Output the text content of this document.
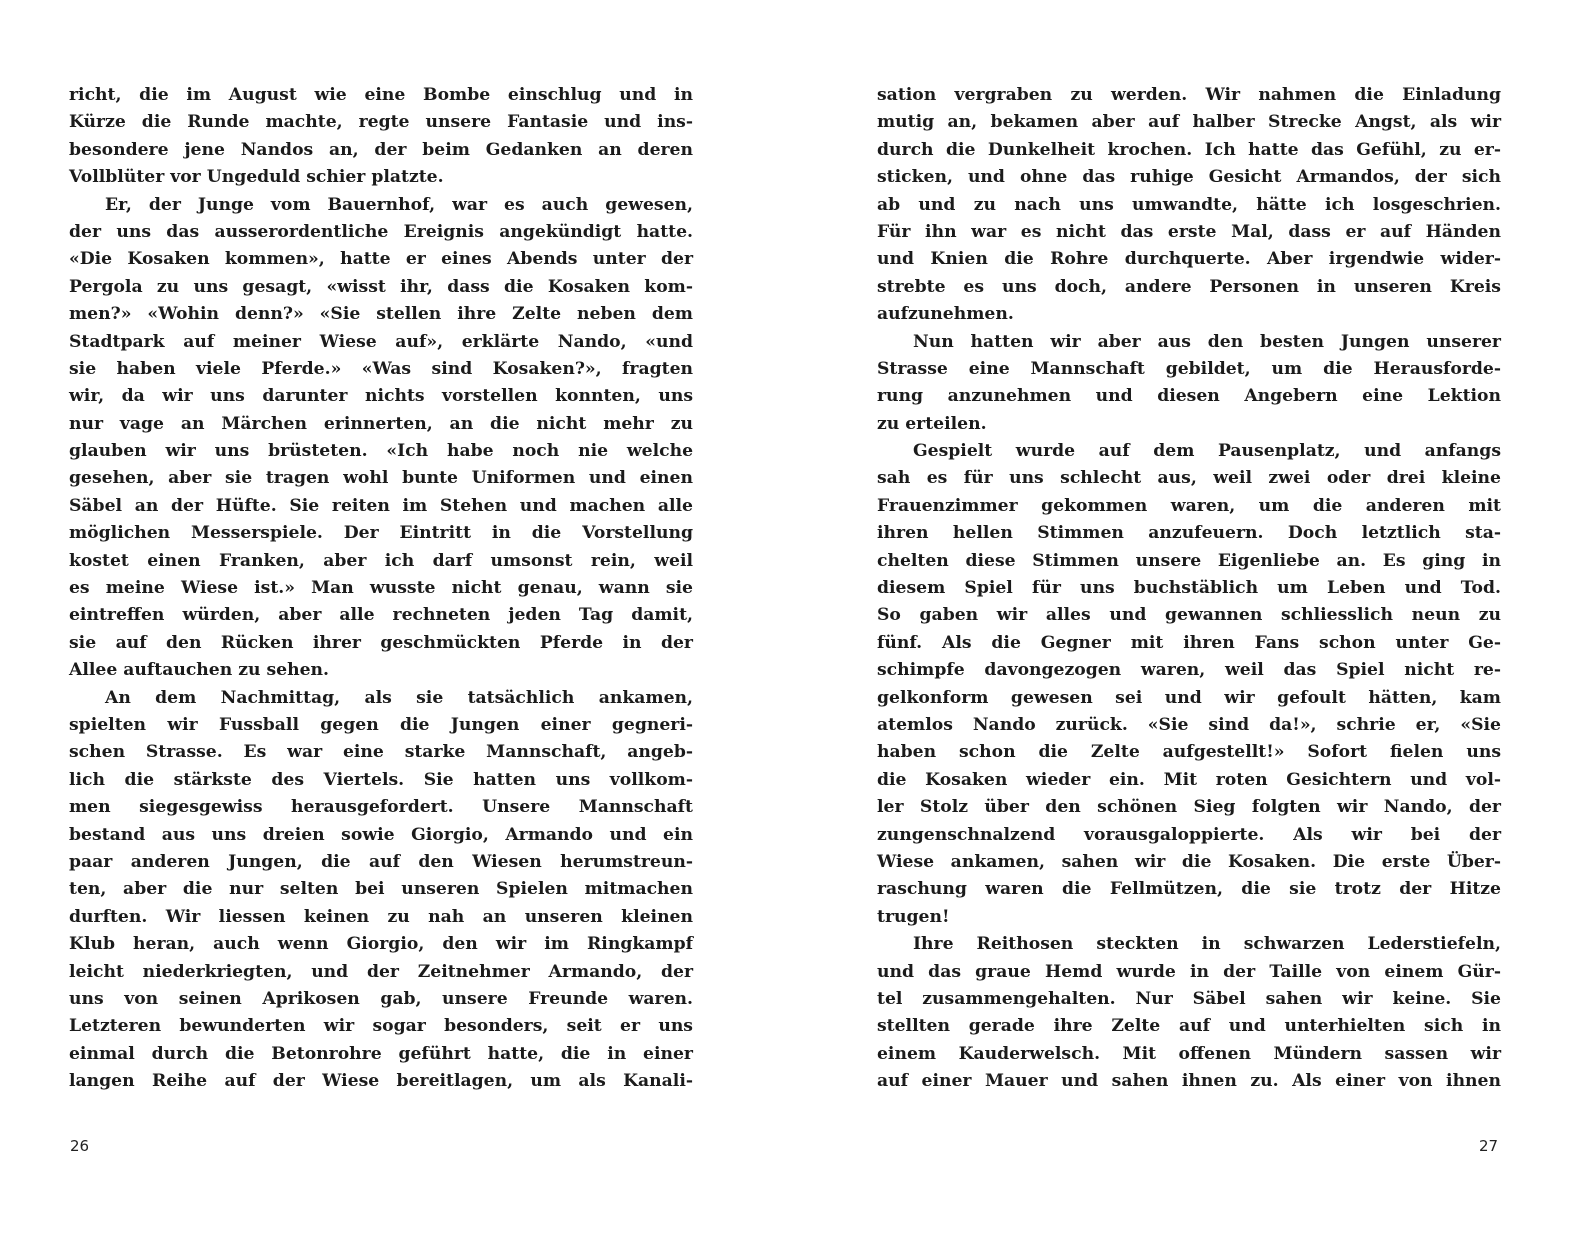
richt, die im August wie eine Bombe einschlug und in
Kürze die Runde machte, regte unsere Fantasie und ins-
besondere jene Nandos an, der beim Gedanken an deren
Vollblüter vor Ungeduld schier platzte.
Er, der Junge vom Bauernhof, war es auch gewesen,
der uns das ausserordentliche Ereignis angekündigt hatte.
«Die Kosaken kommen», hatte er eines Abends unter der
Pergola zu uns gesagt, «wisst ihr, dass die Kosaken kom-
men?» «Wohin denn?» «Sie stellen ihre Zelte neben dem
Stadtpark auf meiner Wiese auf», erklärte Nando, «und
sie haben viele Pferde.» «Was sind Kosaken?», fragten
wir, da wir uns darunter nichts vorstellen konnten, uns
nur vage an Märchen erinnerten, an die nicht mehr zu
glauben wir uns brüsteten. «Ich habe noch nie welche
gesehen, aber sie tragen wohl bunte Uniformen und einen
Säbel an der Hüfte. Sie reiten im Stehen und machen alle
möglichen Messerspiele. Der Eintritt in die Vorstellung
kostet einen Franken, aber ich darf umsonst rein, weil
es meine Wiese ist.» Man wusste nicht genau, wann sie
eintreffen würden, aber alle rechneten jeden Tag damit,
sie auf den Rücken ihrer geschmückten Pferde in der
Allee auftauchen zu sehen.
An dem Nachmittag, als sie tatsächlich ankamen,
spielten wir Fussball gegen die Jungen einer gegneri-
schen Strasse. Es war eine starke Mannschaft, angeb-
lich die stärkste des Viertels. Sie hatten uns vollkom-
men siegesgewiss herausgefordert. Unsere Mannschaft
bestand aus uns dreien sowie Giorgio, Armando und ein
paar anderen Jungen, die auf den Wiesen herumstreun-
ten, aber die nur selten bei unseren Spielen mitmachen
durften. Wir liessen keinen zu nah an unseren kleinen
Klub heran, auch wenn Giorgio, den wir im Ringkampf
leicht niederkriegten, und der Zeitnehmer Armando, der
uns von seinen Aprikosen gab, unsere Freunde waren.
Letzteren bewunderten wir sogar besonders, seit er uns
einmal durch die Betonrohre geführt hatte, die in einer
langen Reihe auf der Wiese bereitlagen, um als Kanali-
sation vergraben zu werden. Wir nahmen die Einladung
mutig an, bekamen aber auf halber Strecke Angst, als wir
durch die Dunkelheit krochen. Ich hatte das Gefühl, zu er-
sticken, und ohne das ruhige Gesicht Armandos, der sich
ab und zu nach uns umwandte, hätte ich losgeschrien.
Für ihn war es nicht das erste Mal, dass er auf Händen
und Knien die Rohre durchquerte. Aber irgendwie wider-
strebte es uns doch, andere Personen in unseren Kreis
aufzunehmen.
Nun hatten wir aber aus den besten Jungen unserer
Strasse eine Mannschaft gebildet, um die Herausforde-
rung anzunehmen und diesen Angebern eine Lektion
zu erteilen.
Gespielt wurde auf dem Pausenplatz, und anfangs
sah es für uns schlecht aus, weil zwei oder drei kleine
Frauenzimmer gekommen waren, um die anderen mit
ihren hellen Stimmen anzufeuern. Doch letztlich sta-
chelten diese Stimmen unsere Eigenliebe an. Es ging in
diesem Spiel für uns buchstäblich um Leben und Tod.
So gaben wir alles und gewannen schliesslich neun zu
fünf. Als die Gegner mit ihren Fans schon unter Ge-
schimpfe davongezogen waren, weil das Spiel nicht re-
gelkonform gewesen sei und wir gefoult hätten, kam
atemlos Nando zurück. «Sie sind da!», schrie er, «Sie
haben schon die Zelte aufgestellt!» Sofort fielen uns
die Kosaken wieder ein. Mit roten Gesichtern und vol-
ler Stolz über den schönen Sieg folgten wir Nando, der
zungenschnalzend vorausgaloppierte. Als wir bei der
Wiese ankamen, sahen wir die Kosaken. Die erste Über-
raschung waren die Fellmützen, die sie trotz der Hitze
trugen!
Ihre Reithosen steckten in schwarzen Lederstiefeln,
und das graue Hemd wurde in der Taille von einem Gür-
tel zusammengehalten. Nur Säbel sahen wir keine. Sie
stellten gerade ihre Zelte auf und unterhielten sich in
einem Kauderwelsch. Mit offenen Mündern sassen wir
auf einer Mauer und sahen ihnen zu. Als einer von ihnen
26	27
